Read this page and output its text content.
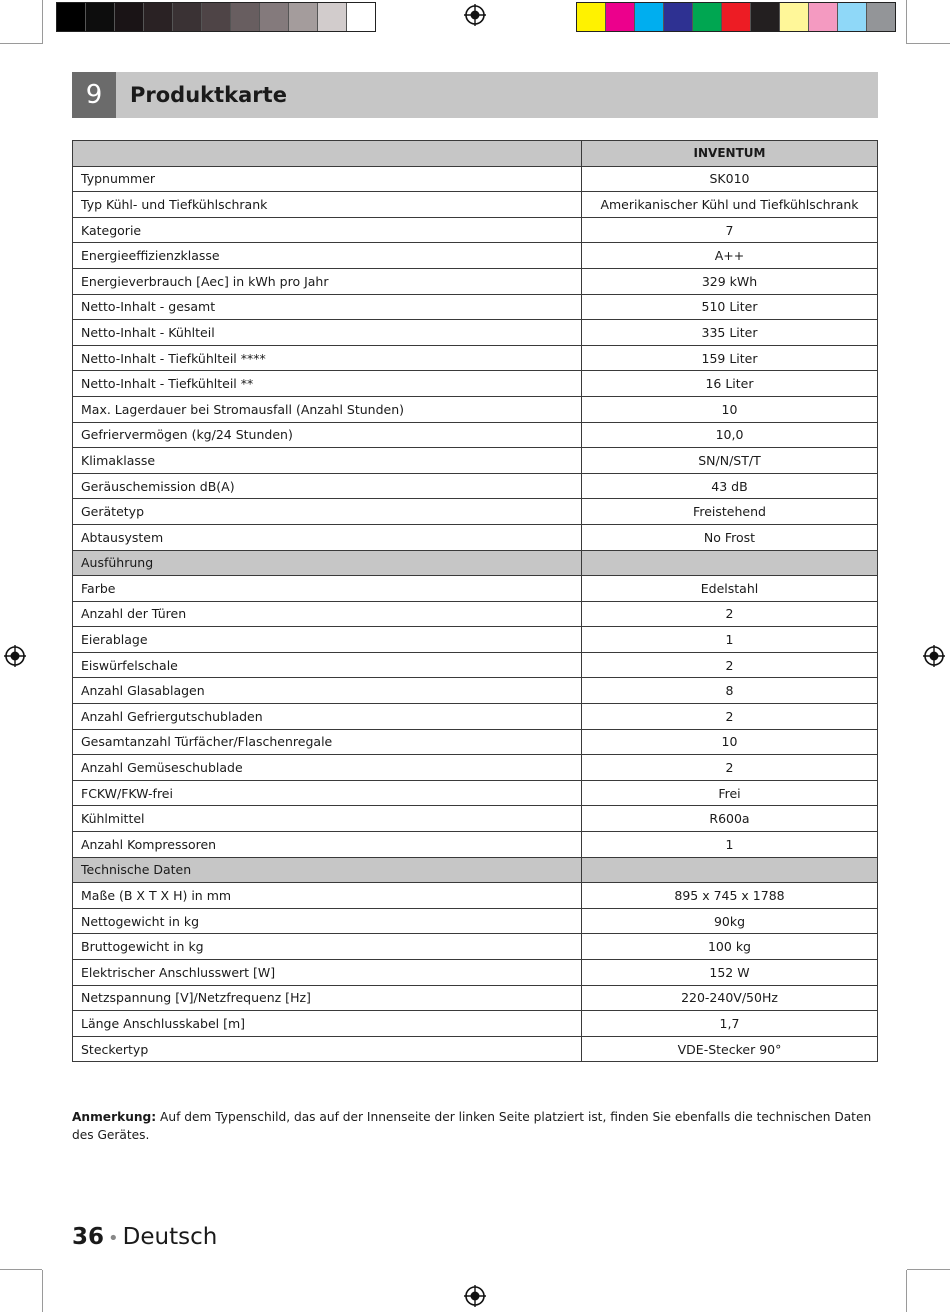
9	Produktkarte
	INVENTUM
Typnummer	SK010
Typ Kühl- und Tiefkühlschrank	Amerikanischer Kühl und Tiefkühlschrank
Kategorie	7
Energieeffizienzklasse	A++
Energieverbrauch [Aec] in kWh pro Jahr	329 kWh
Netto-Inhalt - gesamt	510 Liter
Netto-Inhalt - Kühlteil	335 Liter
Netto-Inhalt - Tiefkühlteil ****	159 Liter
Netto-Inhalt - Tiefkühlteil **	16 Liter
Max. Lagerdauer bei Stromausfall (Anzahl Stunden)	10
Gefriervermögen (kg/24 Stunden)	10,0
Klimaklasse	SN/N/ST/T
Geräuschemission dB(A)	43 dB
Gerätetyp	Freistehend
Abtausystem	No Frost
Ausführung	
Farbe	Edelstahl
Anzahl der Türen	2
Eierablage	1
Eiswürfelschale	2
Anzahl Glasablagen	8
Anzahl Gefriergutschubladen	2
Gesamtanzahl Türfächer/Flaschenregale	10
Anzahl Gemüseschublade	2
FCKW/FKW-frei	Frei
Kühlmittel	R600a
Anzahl Kompressoren	1
Technische Daten	
Maße (B X T X H) in mm	895 x 745 x 1788
Nettogewicht in kg	90kg
Bruttogewicht in kg	100 kg
Elektrischer Anschlusswert [W]	152 W
Netzspannung [V]/Netzfrequenz [Hz]	220-240V/50Hz
Länge Anschlusskabel [m]	1,7
Steckertyp	VDE-Stecker 90°
Anmerkung: Auf dem Typenschild, das auf der Innenseite der linken Seite platziert ist, finden Sie ebenfalls die technischen Daten des Gerätes.
36 • Deutsch
